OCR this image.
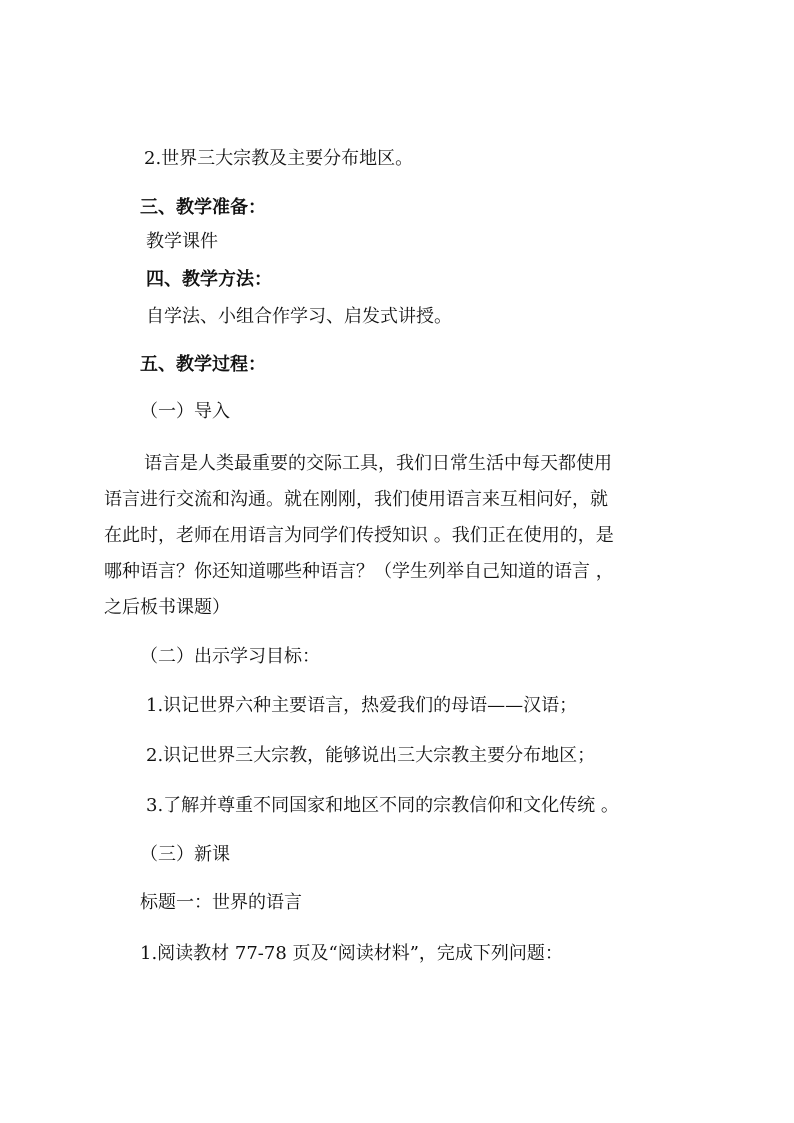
2.世界三大宗教及主要分布地区。
三、教学准备：
教学课件
四、教学方法：
自学法、小组合作学习、启发式讲授。
五、教学过程：
（一）导入
语言是人类最重要的交际工具，我们日常生活中每天都使用
语言进行交流和沟通。就在刚刚，我们使用语言来互相问好，就
在此时，老师在用语言为同学们传授知识 。我们正在使用的，是
哪种语言？你还知道哪些种语言？（学生列举自己知道的语言 ，
之后板书课题）
（二）出示学习目标：
1.识记世界六种主要语言，热爱我们的母语——汉语；
2.识记世界三大宗教，能够说出三大宗教主要分布地区；
3.了解并尊重不同国家和地区不同的宗教信仰和文化传统 。
（三）新课
标题一：世界的语言
1.阅读教材 77-78 页及“阅读材料”，完成下列问题：
